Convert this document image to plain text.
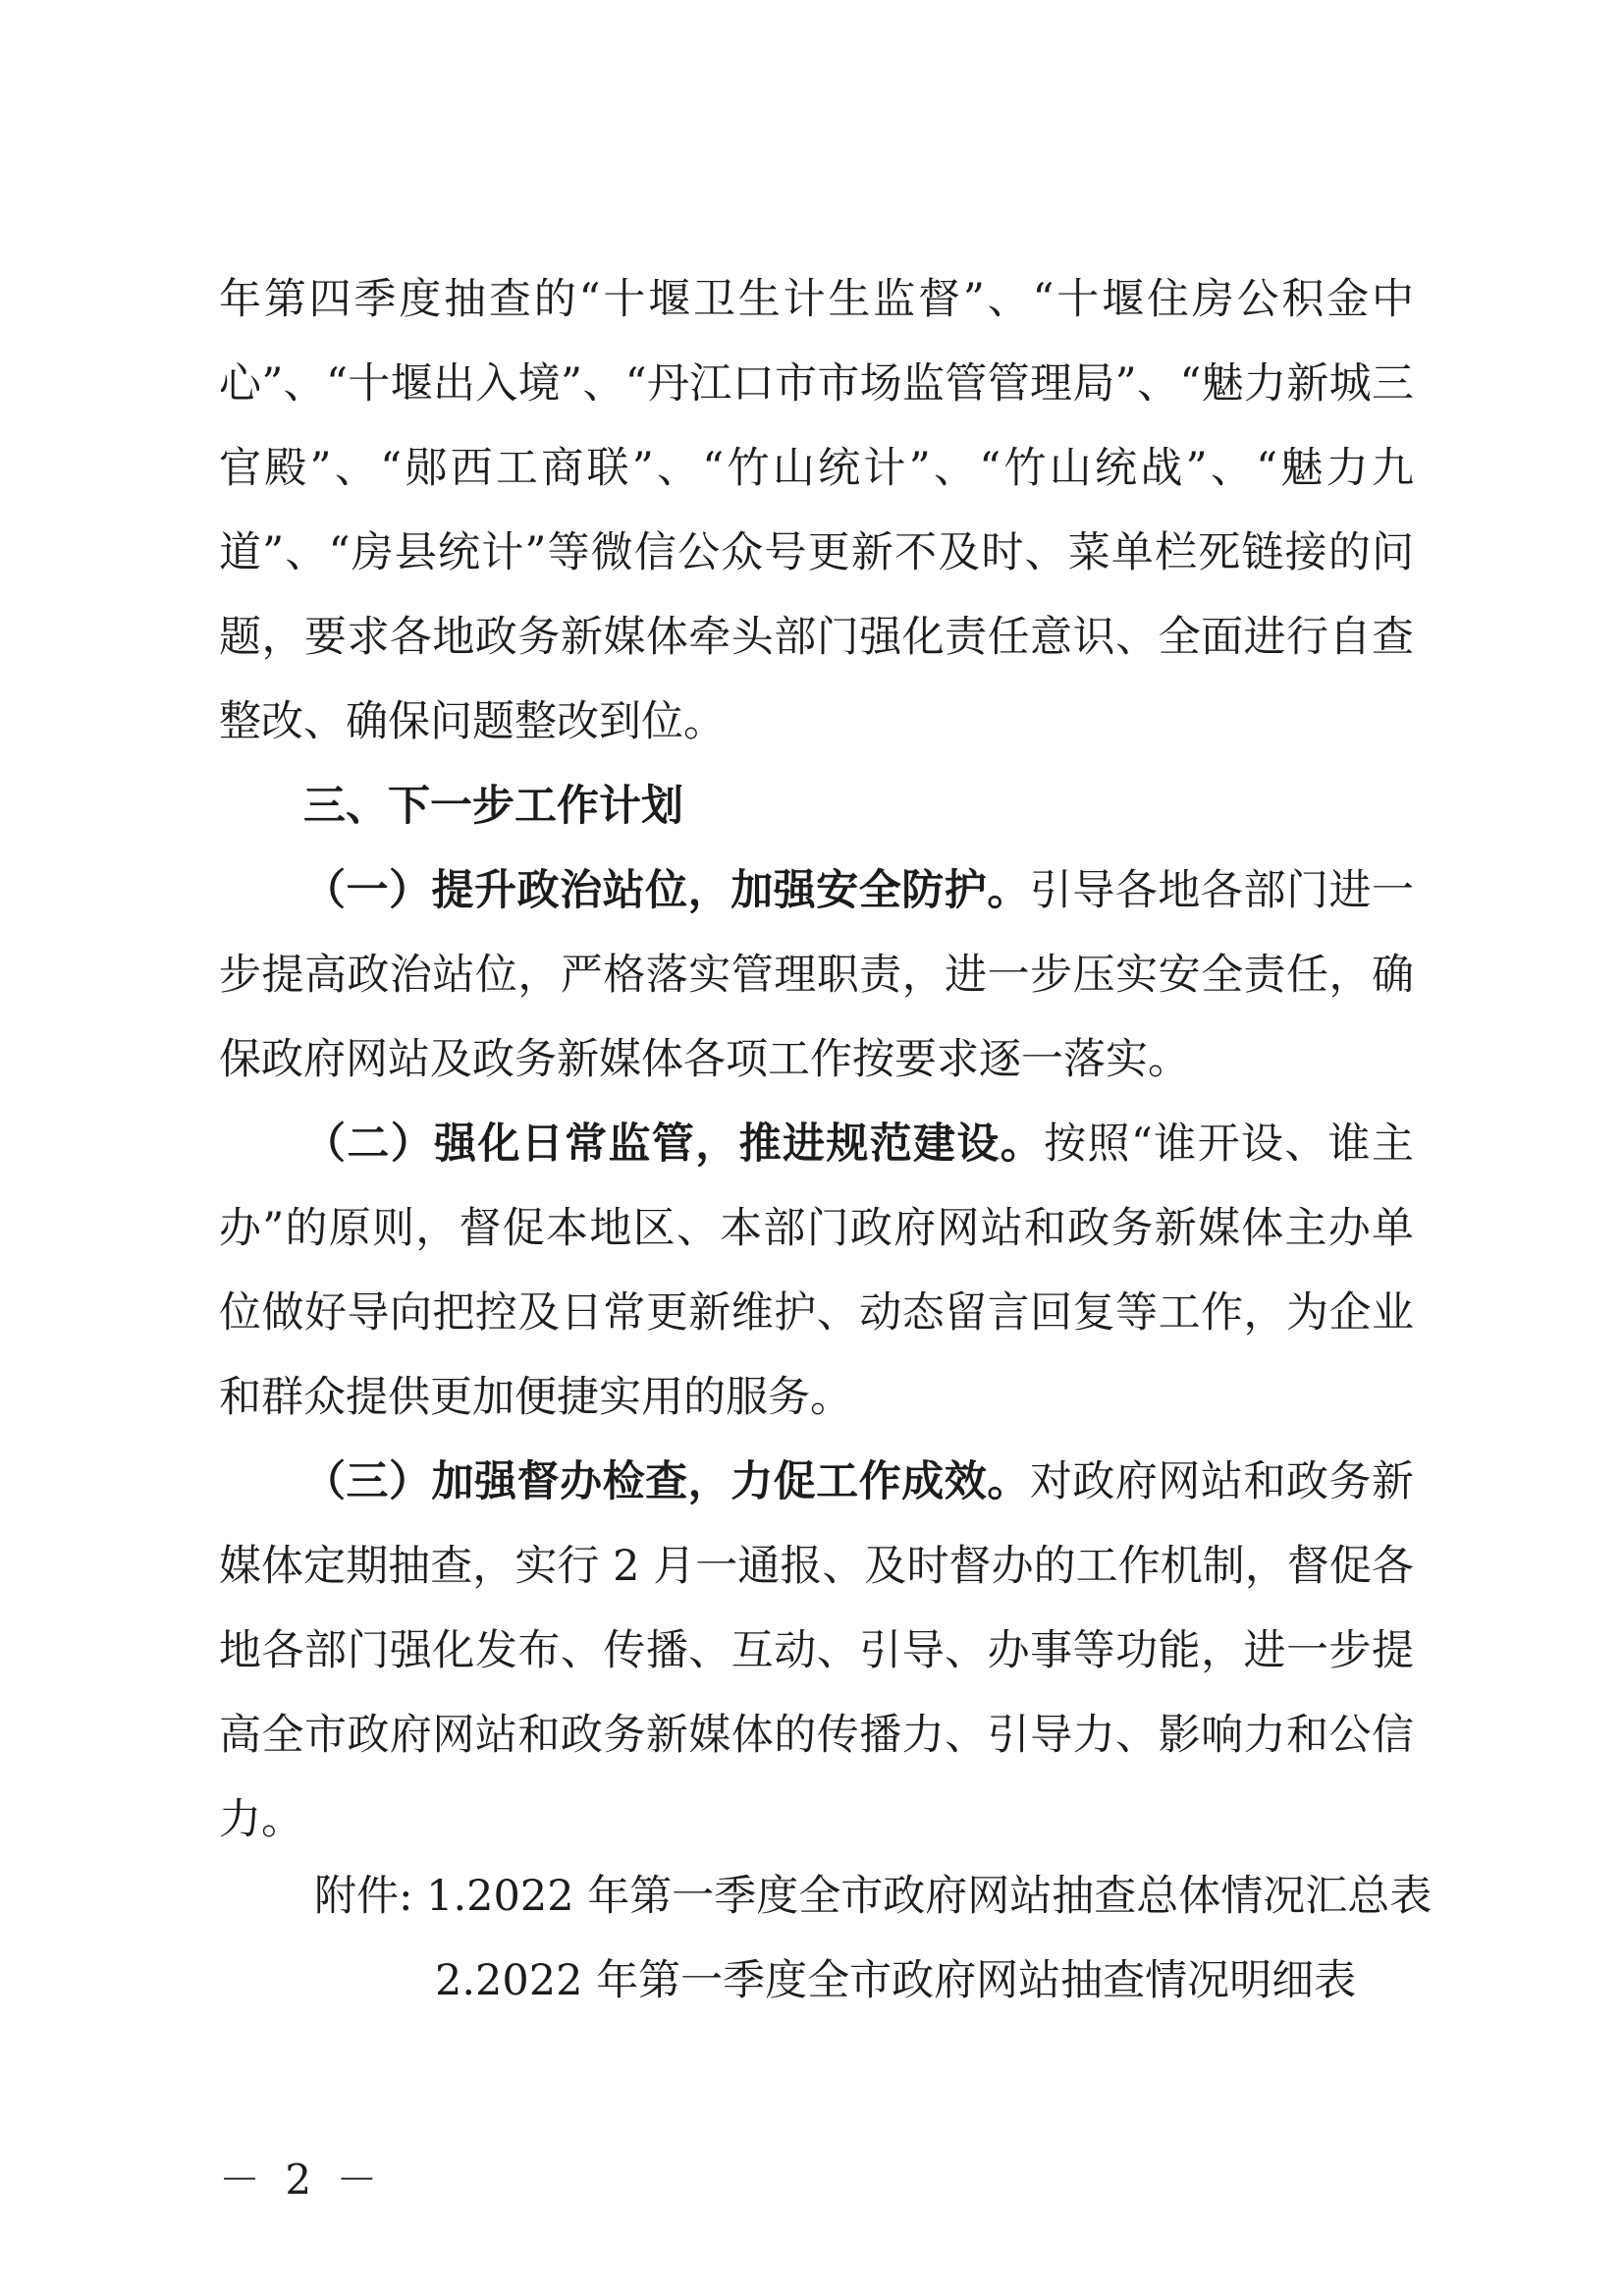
年第四季度抽查的“十堰卫生计生监督”、“十堰住房公积金中心”、“十堰出入境”、“丹江口市市场监管管理局”、“魅力新城三官殿”、“郧西工商联”、“竹山统计”、“竹山统战”、“魅力九道”、“房县统计”等微信公众号更新不及时、菜单栏死链接的问题，要求各地政务新媒体牵头部门强化责任意识、全面进行自查整改、确保问题整改到位。

三、下一步工作计划

（一）提升政治站位，加强安全防护。引导各地各部门进一步提高政治站位，严格落实管理职责，进一步压实安全责任，确保政府网站及政务新媒体各项工作按要求逐一落实。

（二）强化日常监管，推进规范建设。按照“谁开设、谁主办”的原则，督促本地区、本部门政府网站和政务新媒体主办单位做好导向把控及日常更新维护、动态留言回复等工作，为企业和群众提供更加便捷实用的服务。

（三）加强督办检查，力促工作成效。对政府网站和政务新媒体定期抽查，实行 2 月一通报、及时督办的工作机制，督促各地各部门强化发布、传播、互动、引导、办事等功能，进一步提高全市政府网站和政务新媒体的传播力、引导力、影响力和公信力。

附件: 1.2022 年第一季度全市政府网站抽查总体情况汇总表

2.2022 年第一季度全市政府网站抽查情况明细表

－ 2 －
